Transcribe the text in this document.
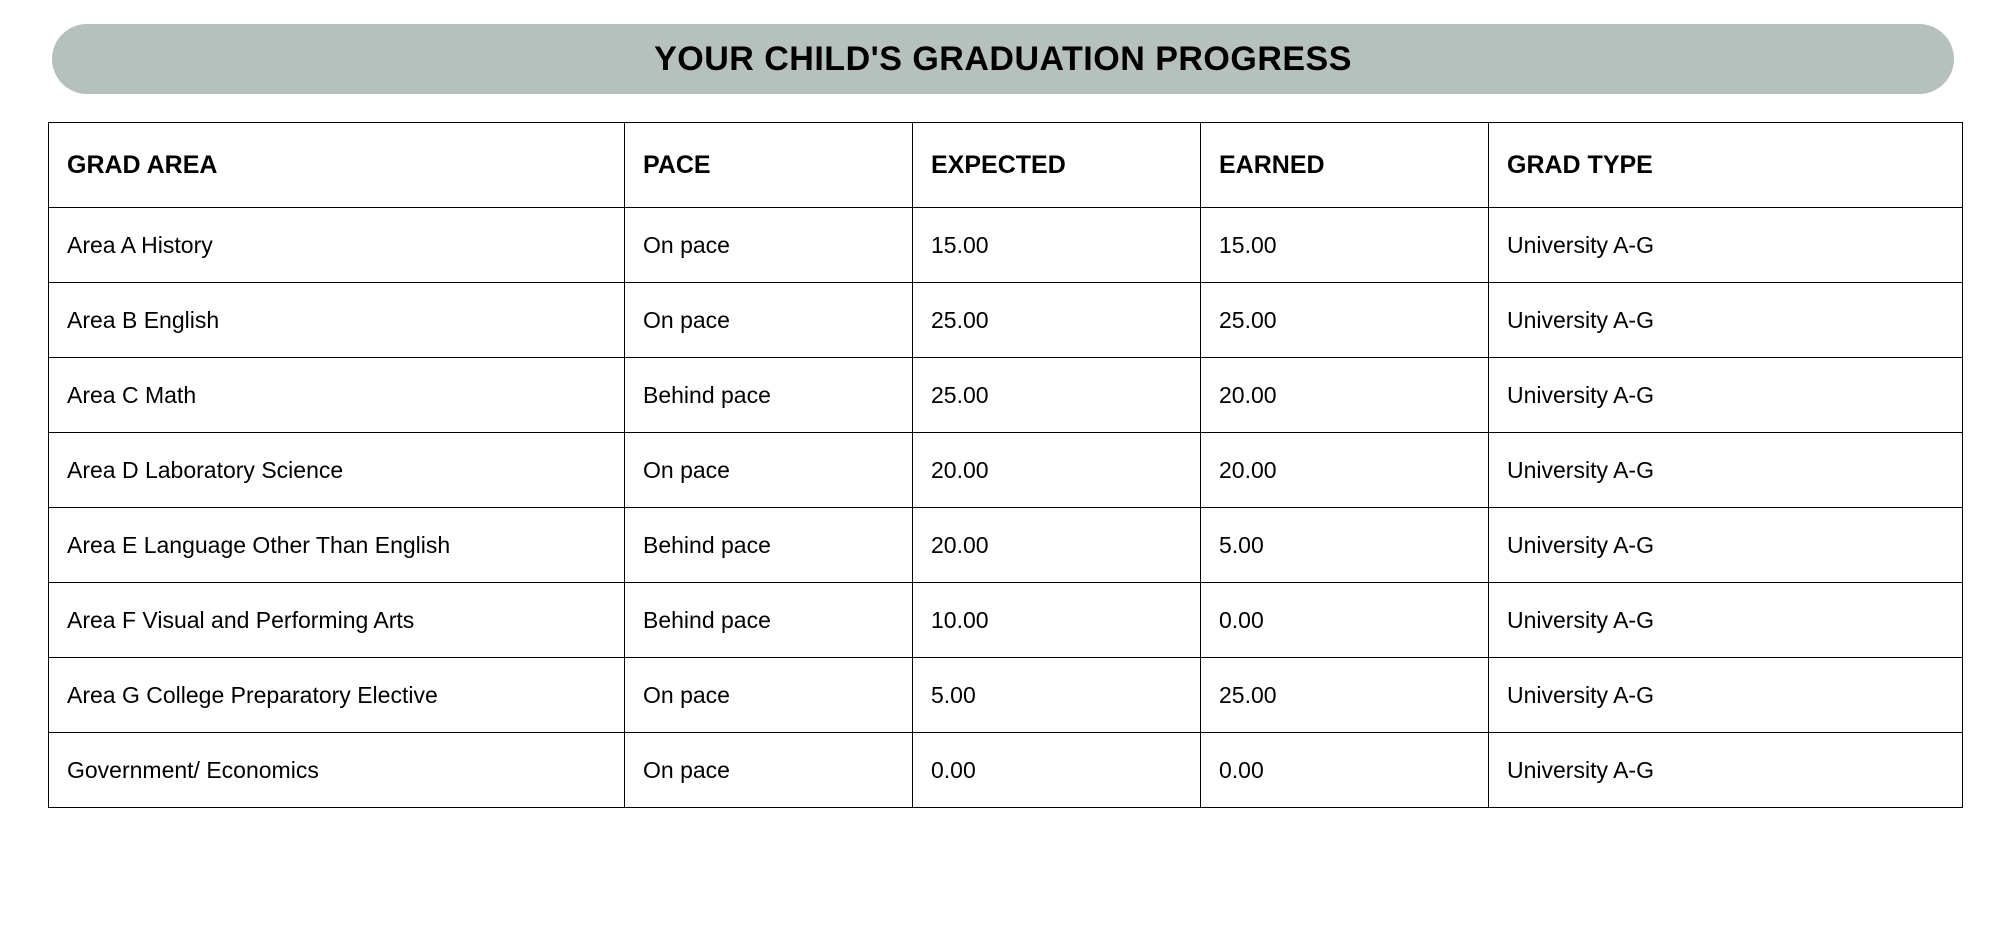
YOUR CHILD'S GRADUATION PROGRESS
GRAD AREA	PACE	EXPECTED	EARNED	GRAD TYPE
Area A History	On pace	15.00	15.00	University A-G
Area B English	On pace	25.00	25.00	University A-G
Area C Math	Behind pace	25.00	20.00	University A-G
Area D Laboratory Science	On pace	20.00	20.00	University A-G
Area E Language Other Than English	Behind pace	20.00	5.00	University A-G
Area F Visual and Performing Arts	Behind pace	10.00	0.00	University A-G
Area G College Preparatory Elective	On pace	5.00	25.00	University A-G
Government/ Economics	On pace	0.00	0.00	University A-G
